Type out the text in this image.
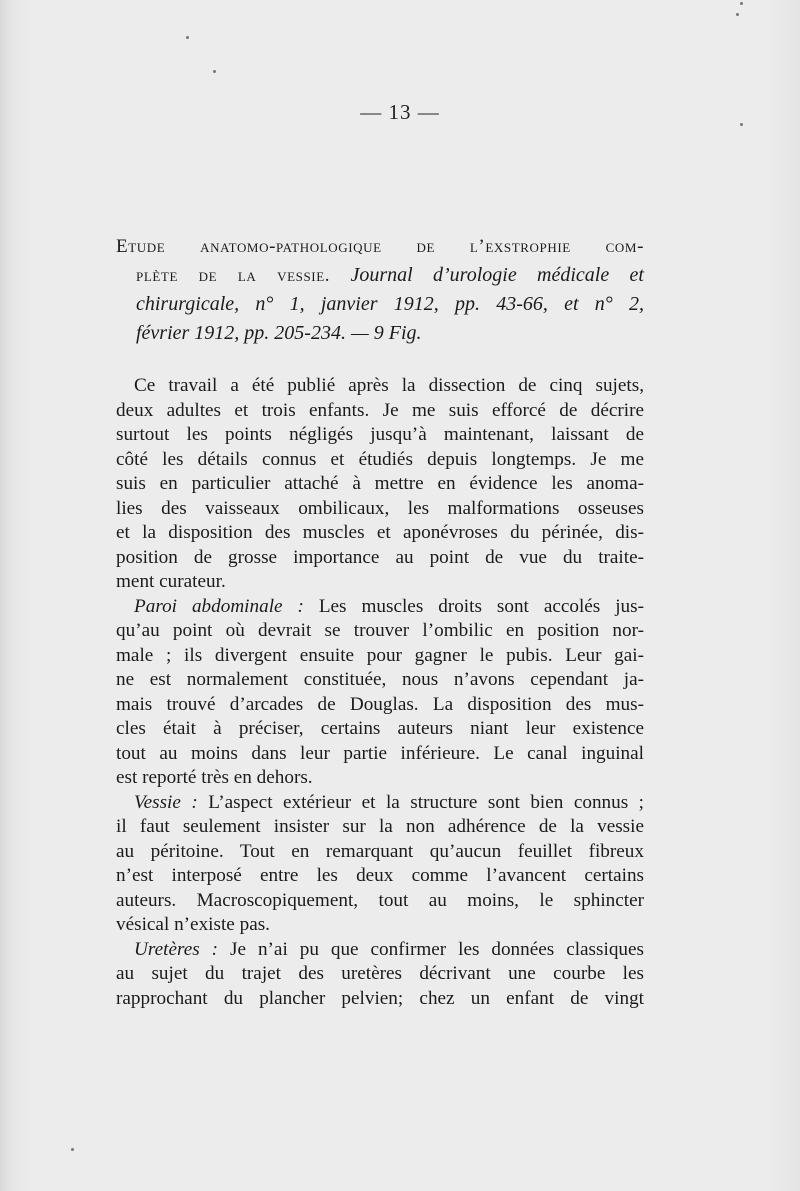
— 13 —
Etude anatomo-pathologique de l’exstrophie com-
plète de la vessie. Journal d’urologie médicale et
chirurgicale, n° 1, janvier 1912, pp. 43-66, et n° 2,
février 1912, pp. 205-234. — 9 Fig.
Ce travail a été publié après la dissection de cinq sujets,
deux adultes et trois enfants. Je me suis efforcé de décrire
surtout les points négligés jusqu’à maintenant, laissant de
côté les détails connus et étudiés depuis longtemps. Je me
suis en particulier attaché à mettre en évidence les anoma-
lies des vaisseaux ombilicaux, les malformations osseuses
et la disposition des muscles et aponévroses du périnée, dis-
position de grosse importance au point de vue du traite-
ment curateur.
Paroi abdominale : Les muscles droits sont accolés jus-
qu’au point où devrait se trouver l’ombilic en position nor-
male ; ils divergent ensuite pour gagner le pubis. Leur gai-
ne est normalement constituée, nous n’avons cependant ja-
mais trouvé d’arcades de Douglas. La disposition des mus-
cles était à préciser, certains auteurs niant leur existence
tout au moins dans leur partie inférieure. Le canal inguinal
est reporté très en dehors.
Vessie : L’aspect extérieur et la structure sont bien connus ;
il faut seulement insister sur la non adhérence de la vessie
au péritoine. Tout en remarquant qu’aucun feuillet fibreux
n’est interposé entre les deux comme l’avancent certains
auteurs. Macroscopiquement, tout au moins, le sphincter
vésical n’existe pas.
Uretères : Je n’ai pu que confirmer les données classiques
au sujet du trajet des uretères décrivant une courbe les
rapprochant du plancher pelvien; chez un enfant de vingt
